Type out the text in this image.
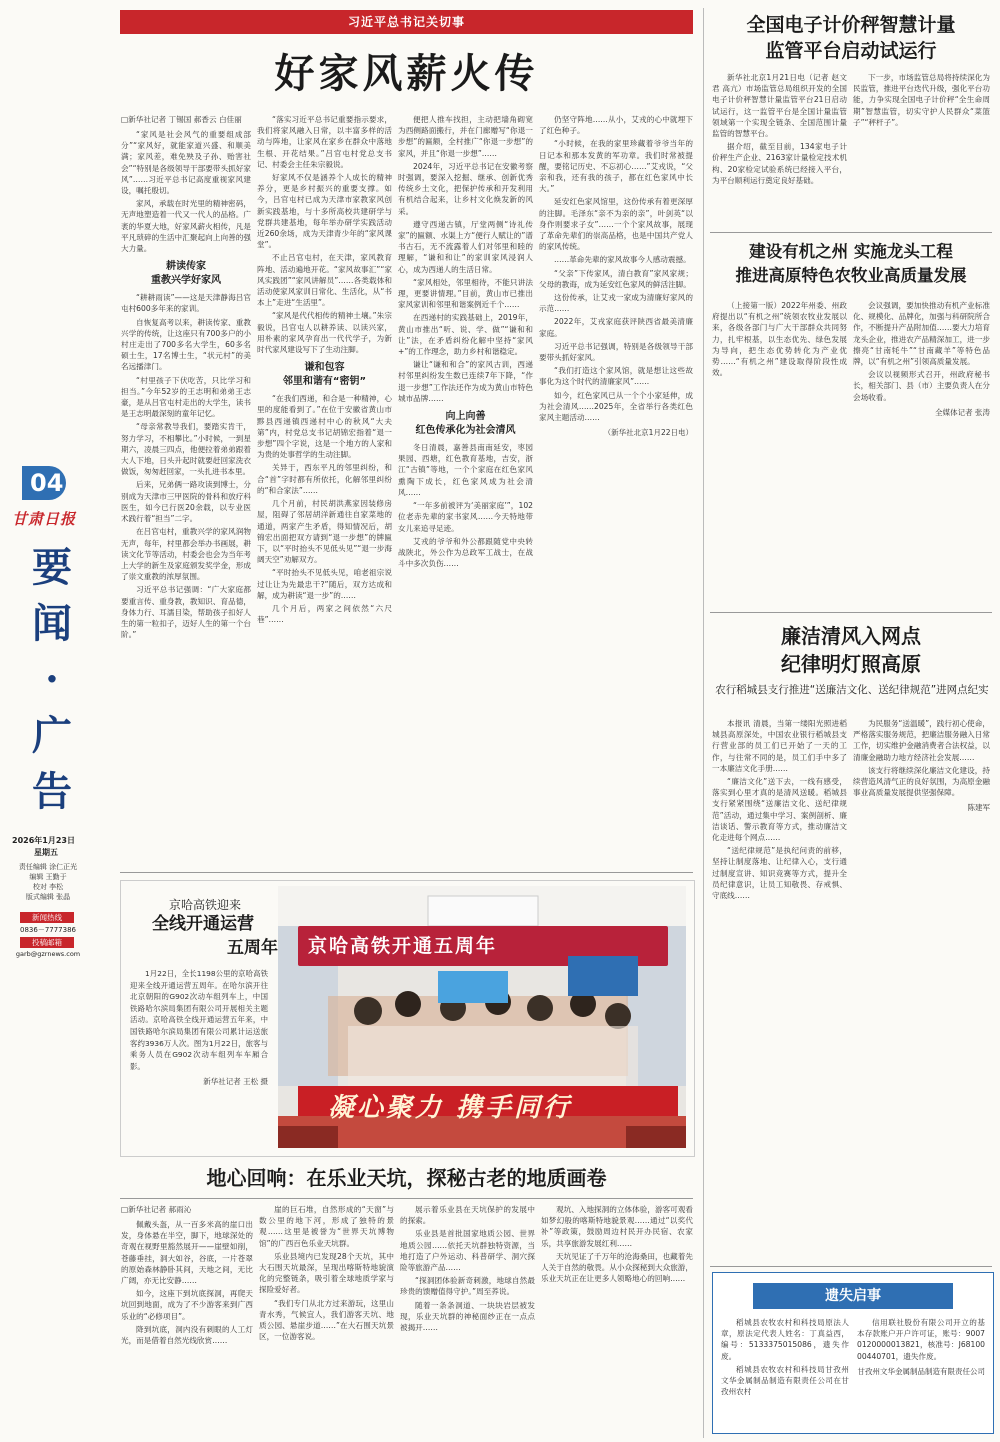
04
甘肃日报
要
闻
·
广
告
2026年1月23日
星期五
责任编辑 涂仁正光
编辑 王勤于
校对 李松
版式编辑 张晶
新闻热线
0836－7777386
投稿邮箱
garb@gzrnews.com
习近平总书记关切事
好家风薪火传

□新华社记者 丁锡国 郝香云 白佳丽

“家风是社会风气的重要组成部分”“家风好，就能家道兴盛、和顺美满；家风差，难免殃及子孙、贻害社会”“特别是各级领导干部要带头抓好家风”……习近平总书记高度重视家风建设，嘱托殷切。

家风，承载在时光里的精神密码，无声地塑造着一代又一代人的品格。广袤的华夏大地，好家风薪火相传，凡是平凡琐碎的生活中汇聚起向上向善的强大力量。

耕读传家
重教兴学好家风

“耕耕雨读”——这是天津静海吕官屯村600多年来的家训。

自恢复高考以来，耕读传家、重教兴学的传统，让这座只有700多户的小村庄走出了700多名大学生，60多名硕士生，17名博士生，“状元村”的美名远播津门。

“村里孩子下伏吃苦，只比学习和担当。”今年52岁的王志明和弟弟王志豪，是从吕官屯村走出的大学生，读书是王志明最深刻的童年记忆。

“母亲常教导我们，要踏实肯干，努力学习，不相攀比。”小时候，一到星期六，凌晨三四点，他便拉着弟弟跟着大人下地，日头升起时就要赶回家洗衣做饭，匆匆赶回家，一头扎进书本里。

后来，兄弟俩一路攻读到博士，分别成为天津市三甲医院的骨科和放疗科医生，如今已行医20余载，以专业医术践行着“担当”二字。

在吕官屯村，重教兴学的家风润物无声，每年，村里都会举办书画展，耕读文化节等活动，村委会也会为当年考上大学的新生及家庭颁发奖学金，形成了崇文重教的浓厚氛围。

习近平总书记强调：“广大家庭都要重言传、重身教，教知识、育品德，身体力行、耳濡目染，帮助孩子扣好人生的第一粒扣子，迈好人生的第一个台阶。”

“落实习近平总书记重要指示要求，我们将家风融入日常，以丰富多样的活动与阵地，让家风在家乡在群众中落地生根、开花结果。”吕官屯村党总支书记、村委会主任朱宗毅说。

好家风不仅是涵养个人成长的精神养分，更是乡村振兴的重要支撑。如今，吕官屯村已成为天津市家教家风创新实践基地，与十多所高校共建研学与党群共建基地，每年举办研学实践活动近260余场，成为天津青少年的“家风课堂”。

不止吕官屯村，在天津，家风教育阵地、活动遍地开花。“家风故事汇”“家风实践团”“家风讲解员”……各类载体和活动使家风家训日常化、生活化，从“书本上”走进“生活里”。

“家风是代代相传的精神土壤。”朱宗毅说，吕官屯人以耕养读、以读兴家，用朴素的家风孕育出一代代学子，为新时代家风建设写下了生动注脚。

谦和包容
邻里和谐有“密钥”

“在我们西递，和合是一种精神，心里的度能看到了。”在位于安徽省黄山市黟县西递镇西递村中心的秋风“大夫第”内，村党总支书记胡锦宏指着“退一步想”四个字说，这是一个地方的人家和为贵的处事哲学的生动注脚。

关异于，西东平凡的邻里纠纷，和合“首”字时都有所依托，化解邻里纠纷的“和合家法”……

几个月前，村民胡洪燕家因装修房屋，阻碍了邻居胡洋新通往自家菜地的通道，两家产生矛盾，得知情况后，胡锦宏出面把双方请到“退一步想”的牌匾下，以“平时抬头不见低头见”“退一步海阔天空”劝解双方。

“平时抬头不见低头见，咱老祖宗说过让让为先最忠干?”随后，双方达成和解，成为耕读“退一步”的……

几个月后，两家之间依然“六尺巷”……

便把人推车找担，主动把墙角砌宽为西侧路面搬行，并在门廊赠写“你退一步想”的匾额，全村推广“你退一步想”的家风，并且“你退一步想”……

2024年，习近平总书记在安徽考察时强调，要深入挖掘、继承、创新优秀传统乡土文化，把保护传承和开发利用有机结合起来，让乡村文化焕发新的风采。

遵守西递古镇，厅堂两侧“诗礼传家”的匾额、水渠上方“便行人赋让的”谱书古石，无不流露着人们对邻里和睦的理解，“谦和和让”的家训家风浸润人心，成为西递人的生活日常。

“家风相处，邻里相待，不能只讲法理，更要讲情理。”目前，黄山市已推出家风家训和邻里和谐案例近千个……

在西递村的实践基础上，2019年，黄山市推出“听、说、学、做”“谦和和让”法，在矛盾纠纷化解中坚持“家风+”的工作理念，助力乡村和谐稳定。

谦让“谦和和合”的家风古训，西递村邻里纠纷发生数已连续7年下降，“作退一步想”工作法还作为成为黄山市特色城市品牌……

向上向善
红色传承化为社会清风

冬日清晨，嘉善县南南延安，枣园果园、西塘，红色教育基地，吉安，浙江“古镇”等地，一个个家庭在红色家风熏陶下成长，红色家风成为社会清风……

“一年多前被评为‘美丽家庭’”，102位老赤先辈的家书家风……今天特地带女儿来追寻足迹。

艾戎的爷爷和外公都跟随党中央转战陕北，外公作为总政军工战士，在战斗中多次负伤……

仍坚守阵地……从小，艾戎的心中就埋下了红色种子。

“小时候，在我的家里珍藏着爷爷当年的日记本和那本发黄的军功章。我们时常被提醒，要铭记历史、不忘初心……”艾戎说，“父亲和我，还有我的孩子，都在红色家风中长大。”

延安红色家风馆里，这份传承有着更深厚的注脚。毛泽东“亲不为亲的亲”，叶剑英“以身作则要求子女”……一个个家风故事，展现了革命先辈们的崇高品格，也是中国共产党人的家风传统。

……革命先辈的家风故事今人感动震撼。

“父亲”下传家风，清白教育”家风家规；父母的教诲，成为延安红色家风的鲜活注脚。

这份传承，让艾戎一家成为清廉好家风的示范……

2022年，艾戎家庭获评陕西省最美清廉家庭。

习近平总书记强调，特别是各级领导干部要带头抓好家风。

“我们打造这个家风馆，就是想让这些故事化为这个时代的清廉家风”……

如今，红色家风已从一个个小家延伸，成为社会清风……2025年，全省举行各类红色家风主题活动……

（新华社北京1月22日电）
全国电子计价秤智慧计量
监管平台启动试运行

新华社北京1月21日电（记者 赵文君 高亢）市场监管总局组织开发的全国电子计价秤智慧计量监管平台21日启动试运行，这一监管平台是全国计量监管领域第一个实现全链条、全国范围计量监管的智慧平台。

据介绍，截至目前，134家电子计价秤生产企业、2163家计量检定技术机构、20家检定试验系统已经接入平台，为平台顺利运行奠定良好基础。

下一步，市场监管总局将持续深化为民监管，推进平台迭代升级，强化平台功能，力争实现全国电子计价秤“全生命周期”智慧监管，切实守护人民群众“菜篮子”“秤杆子”。

建设有机之州 实施龙头工程
推进高原特色农牧业高质量发展

（上接第一版）2022年州委、州政府提出以“有机之州”统领农牧业发展以来，各级各部门与广大干部群众共同努力，扎牢根基，以生态优先、绿色发展为导向，把生态优势转化为产业优势……“有机之州”建设取得阶段性成效。

会议强调，要加快推动有机产业标准化、规模化、品牌化，加强与科研院所合作，不断提升产品附加值……要大力培育龙头企业，推进农产品精深加工，进一步擦亮“甘南牦牛”“甘南藏羊”等特色品牌，以“有机之州”引领高质量发展。

会议以视频形式召开，州政府秘书长，相关部门、县（市）主要负责人在分会场收看。

全媒体记者 张涛
廉洁清风入网点
纪律明灯照高原
农行稻城县支行推进“送廉洁文化、送纪律规范”进网点纪实

本报讯 清晨，当第一缕阳光照进稻城县高原深处，中国农业银行稻城县支行营业部的员工们已开始了一天的工作，与往常不同的是，员工们手中多了一本廉洁文化手册……

“廉洁文化”送下去，一线有感受，落实到心里才真的是清风送暖。稻城县支行紧紧围绕“送廉洁文化、送纪律规范”活动，通过集中学习、案例剖析、廉洁谈话、警示教育等方式，推动廉洁文化走进每个网点……

“送纪律规范”是执纪问责的前移，坚持让制度落地、让纪律入心，支行通过制度宣讲、知识竞赛等方式，提升全员纪律意识，让员工知敬畏、存戒惧、守底线……

为民服务“送温暖”，践行初心使命，严格落实服务规范，把廉洁服务融入日常工作，切实维护金融消费者合法权益，以清廉金融助力地方经济社会发展……

该支行将继续深化廉洁文化建设，持续营造风清气正的良好氛围，为高原金融事业高质量发展提供坚强保障。

陈建军
遗失启事

稻城县农牧农村和科技局原法人章，原法定代表人姓名：丁真益西，编号：5133375015086，遗失作废。

稻城县农牧农村和科技局甘孜州文华金属制品制造有限责任公司在甘孜州农村

信用联社股份有限公司开立的基本存款账户开户许可证，账号：90070120000013821，核准号：J6810000440701，遗失作废。

甘孜州文华金属制品制造有限责任公司
京哈高铁迎来
全线开通运营
五周年

1月22日，全长1198公里的京哈高铁迎来全线开通运营五周年。在哈尔滨开往北京朝阳的G902次动车组列车上，中国铁路哈尔滨局集团有限公司开展相关主题活动。京哈高铁全线开通运营五年来，中国铁路哈尔滨局集团有限公司累计运送旅客约3936万人次。图为1月22日，旅客与乘务人员在G902次动车组列车车厢合影。

新华社记者 王松 摄
京哈高铁开通五周年
凝心聚力 携手同行
地心回响：在乐业天坑，探秘古老的地质画卷

□新华社记者 郝雨沁

佩戴头盔，从一百多米高的崖口出发，身体悬在半空，脚下，地球深处的奇观在视野里豁然展开——崖壁如削，苍藤垂挂，洞大如谷，谷底，一片苍翠的原始森林静卧其间，天地之间，无比广阔，亦无比安静……

如今，这座下到坑底探洞，再爬天坑回到地面，成为了不少游客来到广西乐业的“必修项目”。

降到坑底，洞内没有刺眼的人工灯光，而是借着自然光线欣赏……

崖的巨石堆，自然形成的“天窗”与数公里的地下河，形成了独特的景观……这里是被誉为“世界天坑博物馆”的广西百色乐业天坑群。

乐业县境内已发现28个天坑，其中大石围天坑最深，呈现出喀斯特地貌演化的完整链条，吸引着全球地质学家与探险爱好者。

“我们专门从北方过来游玩，这里山青水秀，气候宜人，我们游客天坑、地质公园、悬崖步道……”在大石围天坑景区，一位游客说。

展示着乐业县在天坑保护的发展中的探索。

乐业县是首批国家地质公园、世界地质公园……依托天坑群独特资源，当地打造了户外运动、科普研学、洞穴探险等旅游产品……

“探洞团体验新奇刺激，地球自然最珍贵的馈赠值得守护。”周至荞说。

随着一条条洞道、一块块岩层被发现，乐业天坑群的神秘面纱正在一点点被揭开……

观坑、入地探洞的立体体验，游客可观看如梦幻般的喀斯特地貌景观……通过“以奖代补”等政策，鼓励周边村民开办民宿、农家乐，共享旅游发展红利……

天坑见证了千万年的沧海桑田，也藏着先人关于自然的敬畏。从小众探秘到大众旅游，乐业天坑正在让更多人领略地心的回响……
